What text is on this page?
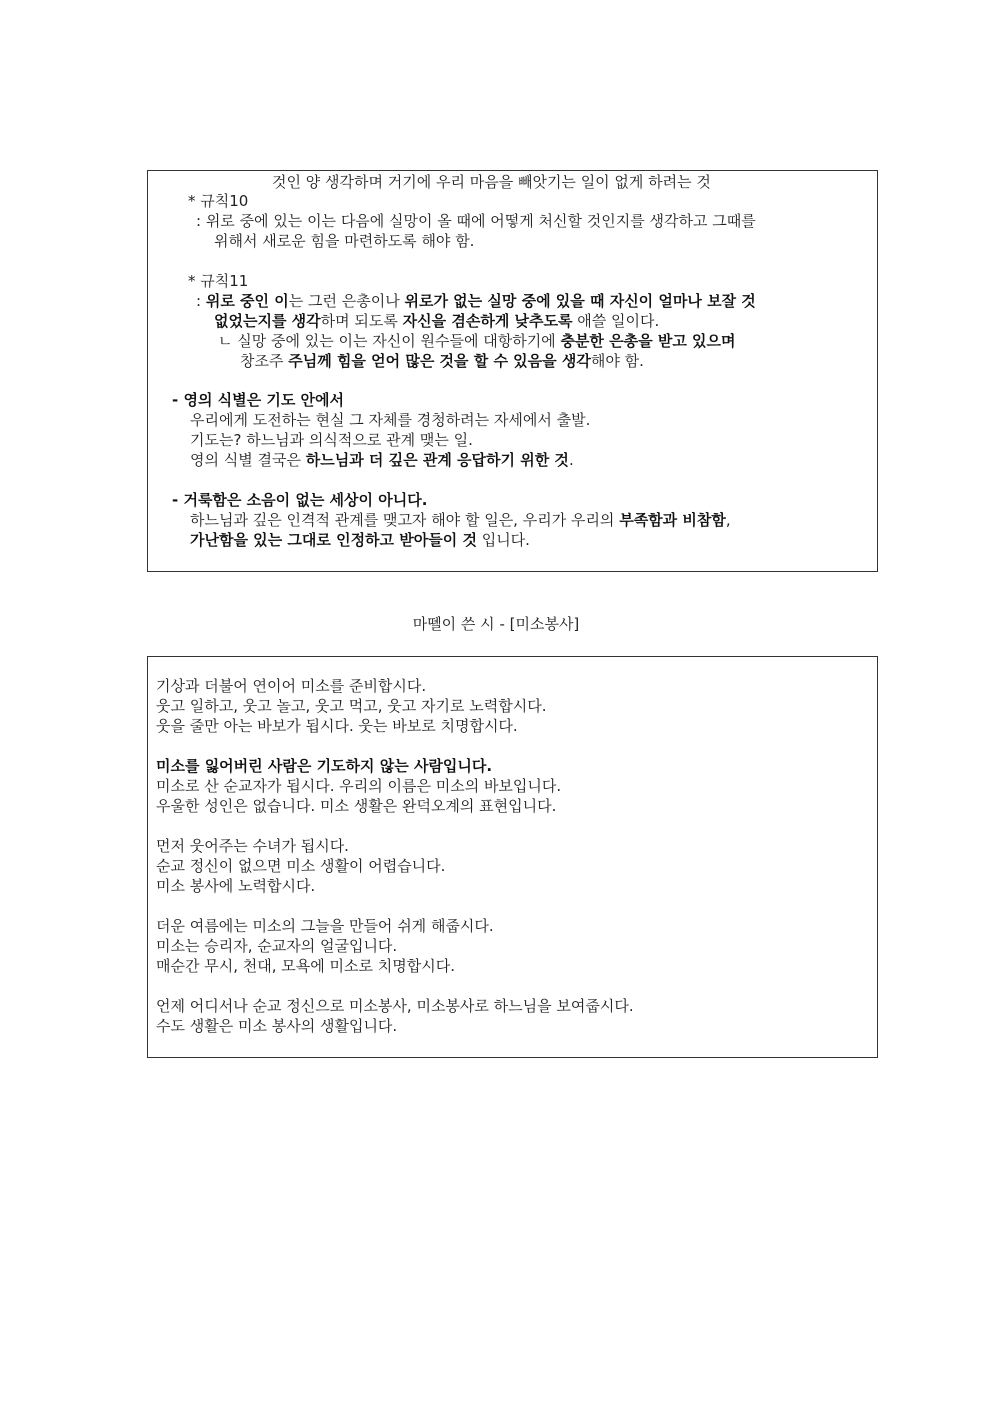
것인 양 생각하며 거기에 우리 마음을 빼앗기는 일이 없게 하려는 것
* 규칙10
: 위로 중에 있는 이는 다음에 실망이 올 때에 어떻게 처신할 것인지를 생각하고 그때를
위해서 새로운 힘을 마련하도록 해야 함.
* 규칙11
: 위로 중인 이는 그런 은총이나 위로가 없는 실망 중에 있을 때 자신이 얼마나 보잘 것
없었는지를 생각하며 되도록 자신을 겸손하게 낮추도록 애쓸 일이다.
ㄴ 실망 중에 있는 이는 자신이 원수들에 대항하기에 충분한 은총을 받고 있으며
창조주 주님께 힘을 얻어 많은 것을 할 수 있음을 생각해야 함.
- 영의 식별은 기도 안에서
우리에게 도전하는 현실 그 자체를 경청하려는 자세에서 출발.
기도는? 하느님과 의식적으로 관계 맺는 일.
영의 식별 결국은 하느님과 더 깊은 관계 응답하기 위한 것.
- 거룩함은 소음이 없는 세상이 아니다.
하느님과 깊은 인격적 관계를 맺고자 해야 할 일은, 우리가 우리의 부족함과 비참함,
가난함을 있는 그대로 인정하고 받아들이 것 입니다.
마뗼이 쓴 시 - [미소봉사]
기상과 더불어 연이어 미소를 준비합시다.
웃고 일하고, 웃고 놀고, 웃고 먹고, 웃고 자기로 노력합시다.
웃을 줄만 아는 바보가 됩시다. 웃는 바보로 치명합시다.
미소를 잃어버린 사람은 기도하지 않는 사람입니다.
미소로 산 순교자가 됩시다. 우리의 이름은 미소의 바보입니다.
우울한 성인은 없습니다. 미소 생활은 완덕오계의 표현입니다.
먼저 웃어주는 수녀가 됩시다.
순교 정신이 없으면 미소 생활이 어렵습니다.
미소 봉사에 노력합시다.
더운 여름에는 미소의 그늘을 만들어 쉬게 해줍시다.
미소는 승리자, 순교자의 얼굴입니다.
매순간 무시, 천대, 모욕에 미소로 치명합시다.
언제 어디서나 순교 정신으로 미소봉사, 미소봉사로 하느님을 보여줍시다.
수도 생활은 미소 봉사의 생활입니다.
